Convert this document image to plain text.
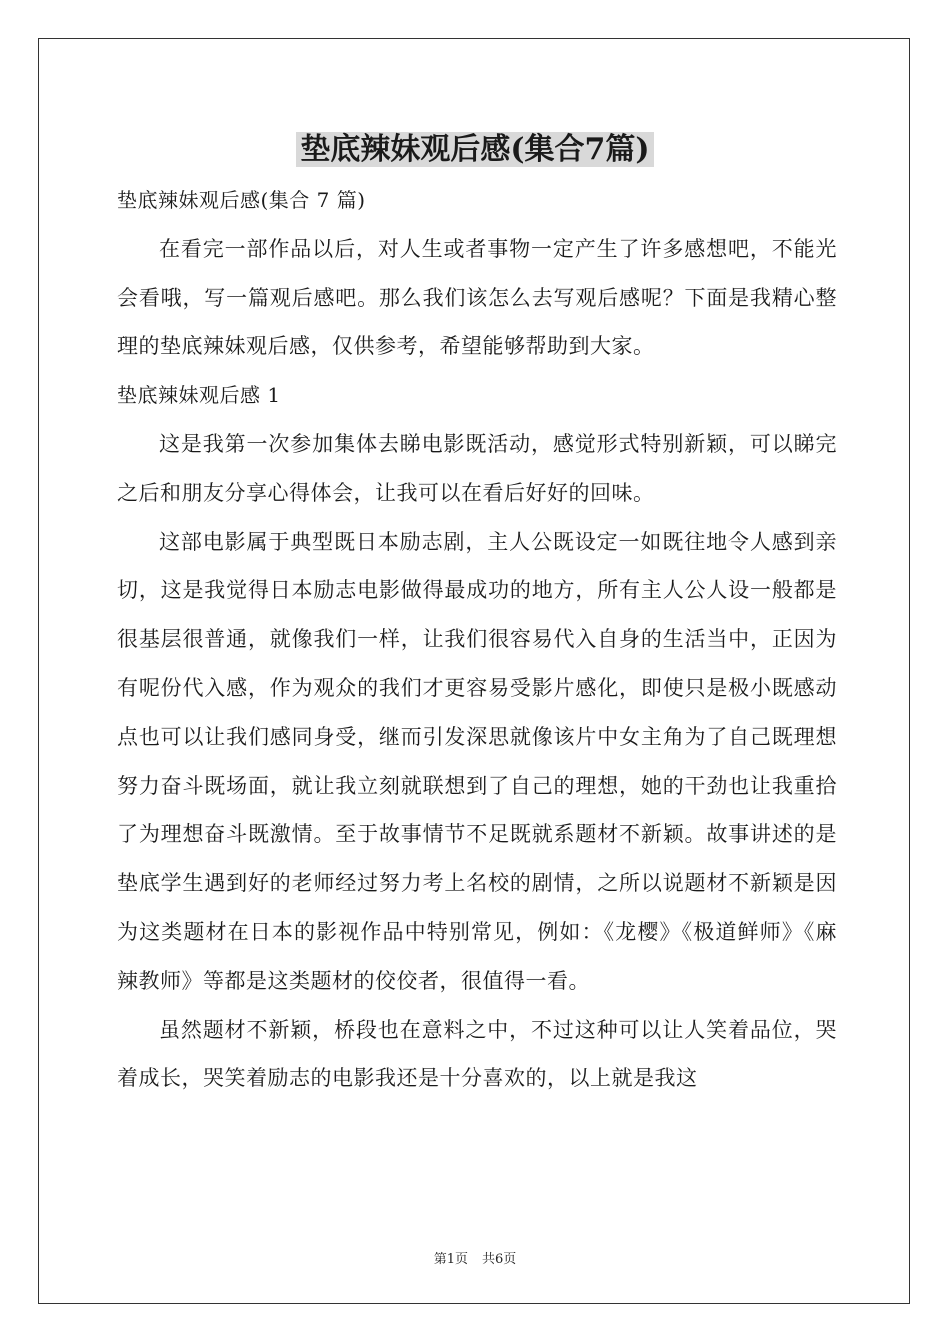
垫底辣妹观后感(集合7篇)

垫底辣妹观后感(集合 7 篇)

在看完一部作品以后，对人生或者事物一定产生了许多感想吧，不能光会看哦，写一篇观后感吧。那么我们该怎么去写观后感呢？下面是我精心整理的垫底辣妹观后感，仅供参考，希望能够帮助到大家。

垫底辣妹观后感 1

这是我第一次参加集体去睇电影既活动，感觉形式特别新颖，可以睇完之后和朋友分享心得体会，让我可以在看后好好的回味。

这部电影属于典型既日本励志剧，主人公既设定一如既往地令人感到亲切，这是我觉得日本励志电影做得最成功的地方，所有主人公人设一般都是很基层很普通，就像我们一样，让我们很容易代入自身的生活当中，正因为有呢份代入感，作为观众的我们才更容易受影片感化，即使只是极小既感动点也可以让我们感同身受，继而引发深思就像该片中女主角为了自己既理想努力奋斗既场面，就让我立刻就联想到了自己的理想，她的干劲也让我重拾了为理想奋斗既激情。至于故事情节不足既就系题材不新颖。故事讲述的是垫底学生遇到好的老师经过努力考上名校的剧情，之所以说题材不新颖是因为这类题材在日本的影视作品中特别常见，例如：《龙樱》《极道鲜师》《麻辣教师》等都是这类题材的佼佼者，很值得一看。

虽然题材不新颖，桥段也在意料之中，不过这种可以让人笑着品位，哭着成长，哭笑着励志的电影我还是十分喜欢的，以上就是我这

第1页 共6页
